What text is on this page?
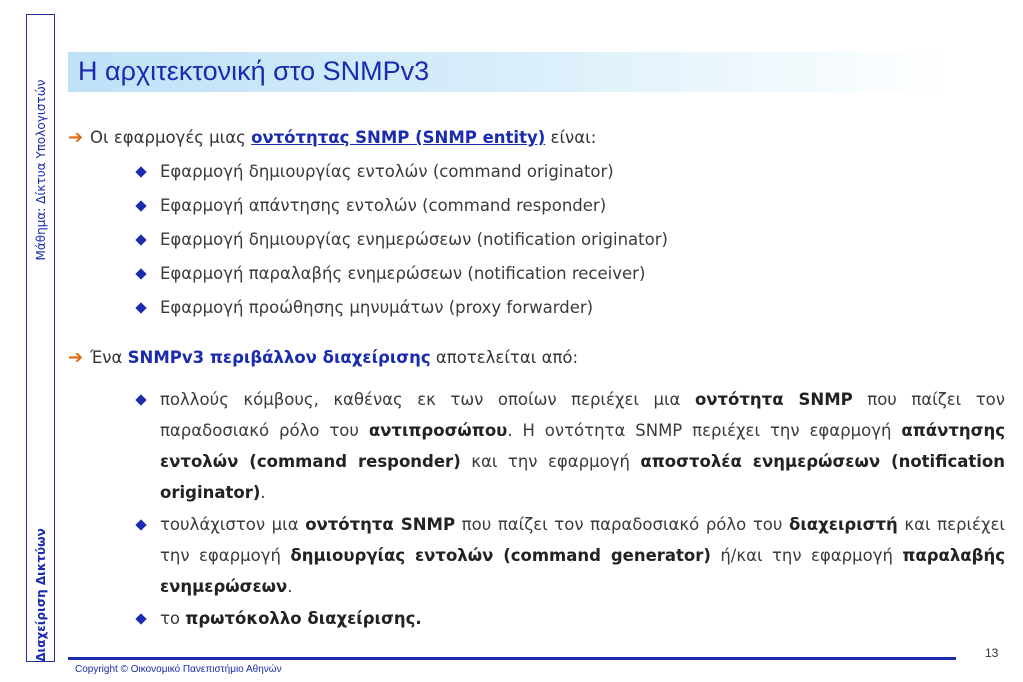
Μάθημα: Δίκτυα Υπολογιστών
Διαχείριση Δικτύων
Η αρχιτεκτονική στο SNMPv3
➔ Οι εφαρμογές μιας οντότητας SNMP (SNMP entity) είναι:
Εφαρμογή δημιουργίας εντολών (command originator)
Εφαρμογή απάντησης εντολών (command responder)
Εφαρμογή δημιουργίας ενημερώσεων (notification originator)
Εφαρμογή παραλαβής ενημερώσεων (notification receiver)
Εφαρμογή προώθησης μηνυμάτων (proxy forwarder)
➔ Ένα SNMPv3 περιβάλλον διαχείρισης αποτελείται από:
πολλούς κόμβους, καθένας εκ των οποίων περιέχει μια οντότητα SNMP που παίζει τον παραδοσιακό ρόλο του αντιπροσώπου. Η οντότητα SNMP περιέχει την εφαρμογή απάντησης εντολών (command responder) και την εφαρμογή αποστολέα ενημερώσεων (notification originator).
τουλάχιστον μια οντότητα SNMP που παίζει τον παραδοσιακό ρόλο του διαχειριστή και περιέχει την εφαρμογή δημιουργίας εντολών (command generator) ή/και την εφαρμογή παραλαβής ενημερώσεων.
το πρωτόκολλο διαχείρισης.
Copyright © Οικονομικό Πανεπιστήμιο Αθηνών
13
